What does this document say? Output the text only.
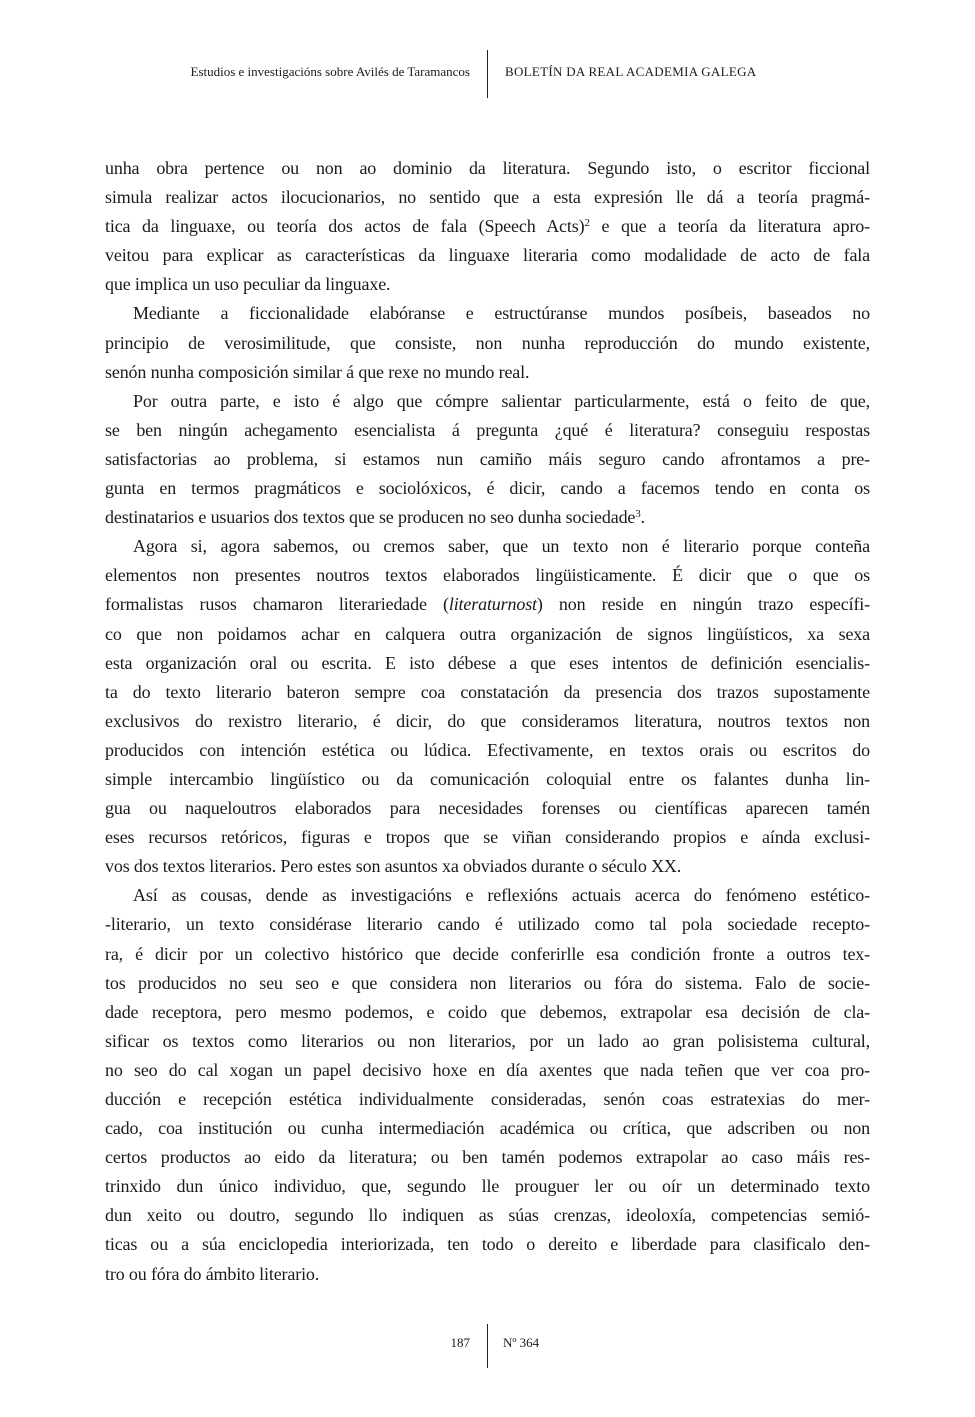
Estudios e investigacións sobre Avilés de Taramancos	BOLETÍN DA REAL ACADEMIA GALEGA
unha obra pertence ou non ao dominio da literatura. Segundo isto, o escritor ficcional
simula realizar actos ilocucionarios, no sentido que a esta expresión lle dá a teoría pragmá-
tica da linguaxe, ou teoría dos actos de fala (Speech Acts)$^2$ e que a teoría da literatura apro-
veitou para explicar as características da linguaxe literaria como modalidade de acto de fala
que implica un uso peculiar da linguaxe.
Mediante a ficcionalidade elabóranse e estructúranse mundos posíbeis, baseados no
principio de verosimilitude, que consiste, non nunha reproducción do mundo existente,
senón nunha composición similar á que rexe no mundo real.
Por outra parte, e isto é algo que cómpre salientar particularmente, está o feito de que,
se ben ningún achegamento esencialista á pregunta ¿qué é literatura? conseguiu respostas
satisfactorias ao problema, si estamos nun camiño máis seguro cando afrontamos a pre-
gunta en termos pragmáticos e sociolóxicos, é dicir, cando a facemos tendo en conta os
destinatarios e usuarios dos textos que se producen no seo dunha sociedade$^3$.
Agora si, agora sabemos, ou cremos saber, que un texto non é literario porque conteña
elementos non presentes noutros textos elaborados lingüisticamente. É dicir que o que os
formalistas rusos chamaron literariedade (literaturnost) non reside en ningún trazo específi-
co que non poidamos achar en calquera outra organización de signos lingüísticos, xa sexa
esta organización oral ou escrita. E isto débese a que eses intentos de definición esencialis-
ta do texto literario bateron sempre coa constatación da presencia dos trazos supostamente
exclusivos do rexistro literario, é dicir, do que consideramos literatura, noutros textos non
producidos con intención estética ou lúdica. Efectivamente, en textos orais ou escritos do
simple intercambio lingüístico ou da comunicación coloquial entre os falantes dunha lin-
gua ou naqueloutros elaborados para necesidades forenses ou científicas aparecen tamén
eses recursos retóricos, figuras e tropos que se viñan considerando propios e aínda exclusi-
vos dos textos literarios. Pero estes son asuntos xa obviados durante o século XX.
Así as cousas, dende as investigacións e reflexións actuais acerca do fenómeno estético-
-literario, un texto considérase literario cando é utilizado como tal pola sociedade recepto-
ra, é dicir por un colectivo histórico que decide conferirlle esa condición fronte a outros tex-
tos producidos no seu seo e que considera non literarios ou fóra do sistema. Falo de socie-
dade receptora, pero mesmo podemos, e coido que debemos, extrapolar esa decisión de cla-
sificar os textos como literarios ou non literarios, por un lado ao gran polisistema cultural,
no seo do cal xogan un papel decisivo hoxe en día axentes que nada teñen que ver coa pro-
ducción e recepción estética individualmente consideradas, senón coas estratexias do mer-
cado, coa institución ou cunha intermediación académica ou crítica, que adscriben ou non
certos productos ao eido da literatura; ou ben tamén podemos extrapolar ao caso máis res-
trinxido dun único individuo, que, segundo lle prouguer ler ou oír un determinado texto
dun xeito ou doutro, segundo llo indiquen as súas crenzas, ideoloxía, competencias semió-
ticas ou a súa enciclopedia interiorizada, ten todo o dereito e liberdade para clasificalo den-
tro ou fóra do ámbito literario.
187	Nº 364
